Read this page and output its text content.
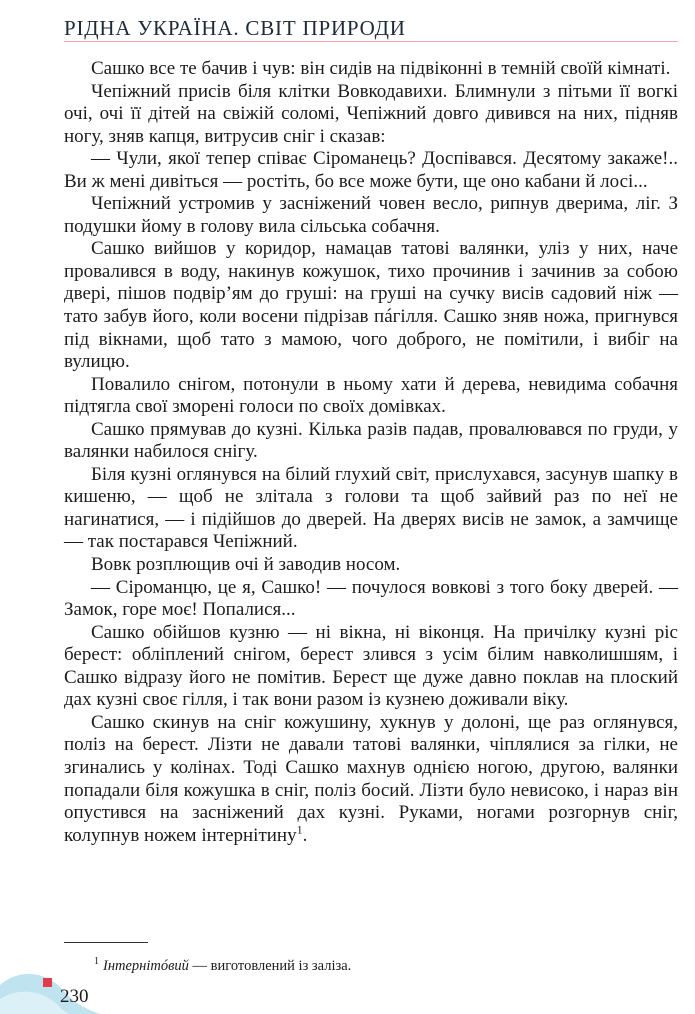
РІДНА УКРАЇНА. СВІТ ПРИРОДИ

Сашко все те бачив і чув: він сидів на підвіконні в темній своїй кімнаті.

Чепіжний присів біля клітки Вовкодавихи. Блимнули з пітьми її вогкі очі, очі її дітей на свіжій соломі, Чепіжний довго дивився на них, підняв ногу, зняв капця, витрусив сніг і сказав:

— Чули, якої тепер співає Сіроманець? Доспівався. Десятому закаже!.. Ви ж мені дивіться — ростіть, бо все може бути, ще оно кабани й лосі...

Чепіжний устромив у засніжений човен весло, рипнув дверима, ліг. З подушки йому в голову вила сільська собачня.

Сашко вийшов у коридор, намацав татові валянки, уліз у них, наче провалився в воду, накинув кожушок, тихо прочинив і зачинив за собою двері, пішов подвір’ям до груші: на груші на сучку висів садовий ніж — тато забув його, коли восени підрізав пáгілля. Сашко зняв ножа, пригнувся під вікнами, щоб тато з мамою, чого доброго, не помітили, і вибіг на вулицю.

Повалило снігом, потонули в ньому хати й дерева, невидима собачня підтягла свої зморені голоси по своїх домівках.

Сашко прямував до кузні. Кілька разів падав, провалювався по груди, у валянки набилося снігу.

Біля кузні оглянувся на білий глухий світ, прислухався, засунув шапку в кишеню, — щоб не злітала з голови та щоб зайвий раз по неї не нагинатися, — і підійшов до дверей. На дверях висів не замок, а замчище — так постарався Чепіжний.

Вовк розплющив очі й заводив носом.

— Сіроманцю, це я, Сашко! — почулося вовкові з того боку дверей. — Замок, горе моє! Попалися...

Сашко обійшов кузню — ні вікна, ні віконця. На причілку кузні ріс берест: обліплений снігом, берест злився з усім білим навколишшям, і Сашко відразу його не помітив. Берест ще дуже давно поклав на плоский дах кузні своє гілля, і так вони разом із кузнею доживали віку.

Сашко скинув на сніг кожушину, хукнув у долоні, ще раз оглянувся, поліз на берест. Лізти не давали татові валянки, чіплялися за гілки, не згинались у колінах. Тоді Сашко махнув однією ногою, другою, валянки попадали біля кожушка в сніг, поліз босий. Лізти було невисоко, і нараз він опустився на засніжений дах кузні. Руками, ногами розгорнув сніг, колупнув ножем інтернітину$^1$.

$^1$ Інтернітóвий — виготовлений із заліза.
230
